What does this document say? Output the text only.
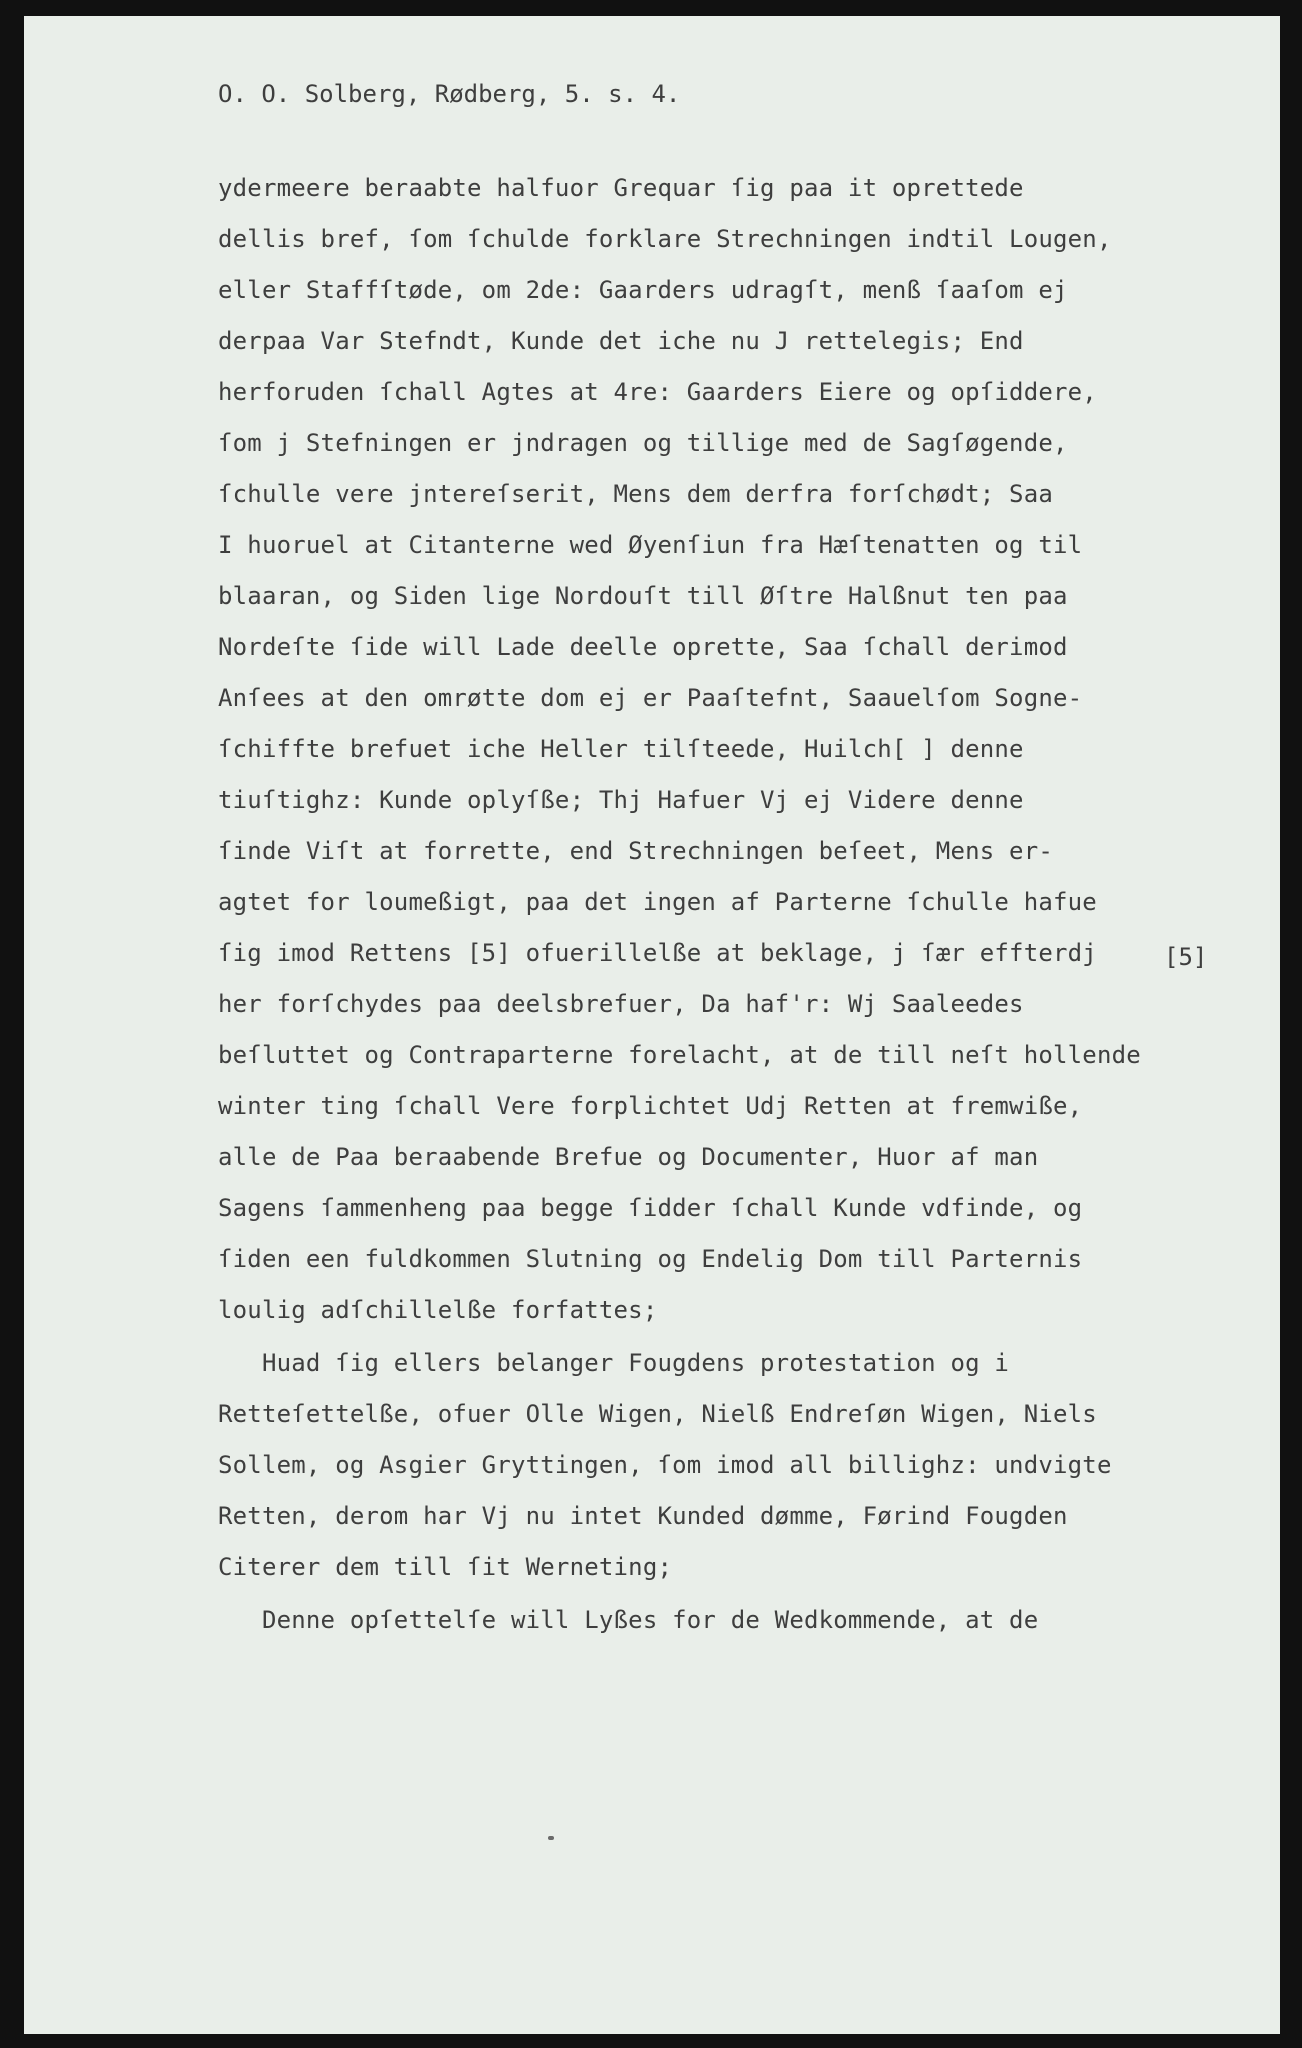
O. O. Solberg, Rødberg, 5. s. 4.
[5]
ydermeere beraabte halfuor Grequar ſig paa it oprettede
dellis bref, ſom ſchulde forklare Strechningen indtil Lougen,
eller Staffſtøde, om 2de: Gaarders udragſt, menß ſaaſom ej
derpaa Var Stefndt, Kunde det iche nu J rettelegis; End
herforuden ſchall Agtes at 4re: Gaarders Eiere og opſiddere,
ſom j Stefningen er jndragen og tillige med de Sagſøgende,
ſchulle vere jntereſserit, Mens dem derfra forſchødt; Saa
I huoruel at Citanterne wed Øyenſiun fra Hæſtenatten og til
blaaran, og Siden lige Nordouſt till Øſtre Halßnut ten paa
Nordeſte ſide will Lade deelle oprette, Saa ſchall derimod
Anſees at den omrøtte dom ej er Paaſtefnt, Saauelſom Sogne-
ſchiffte brefuet iche Heller tilſteede, Huilch[ ] denne
tiuſtighz: Kunde oplyſße; Thj Hafuer Vj ej Videre denne
ſinde Viſt at forrette, end Strechningen beſeet, Mens er-
agtet for loumeßigt, paa det ingen af Parterne ſchulle hafue
ſig imod Rettens [5] ofuerillelße at beklage, j ſær effterdj
her forſchydes paa deelsbrefuer, Da haf'r: Wj Saaleedes
beſluttet og Contraparterne forelacht, at de till neſt hollende
winter ting ſchall Vere forplichtet Udj Retten at fremwiße,
alle de Paa beraabende Brefue og Documenter, Huor af man
Sagens ſammenheng paa begge ſidder ſchall Kunde vdfinde, og
ſiden een fuldkommen Slutning og Endelig Dom till Parternis
loulig adſchillelße forfattes;
Huad ſig ellers belanger Fougdens protestation og i
Retteſettelße, ofuer Olle Wigen, Nielß Endreſøn Wigen, Niels
Sollem, og Asgier Gryttingen, ſom imod all billighz: undvigte
Retten, derom har Vj nu intet Kunded dømme, Førind Fougden
Citerer dem till ſit Werneting;
Denne opſettelſe will Lyßes for de Wedkommende, at de
